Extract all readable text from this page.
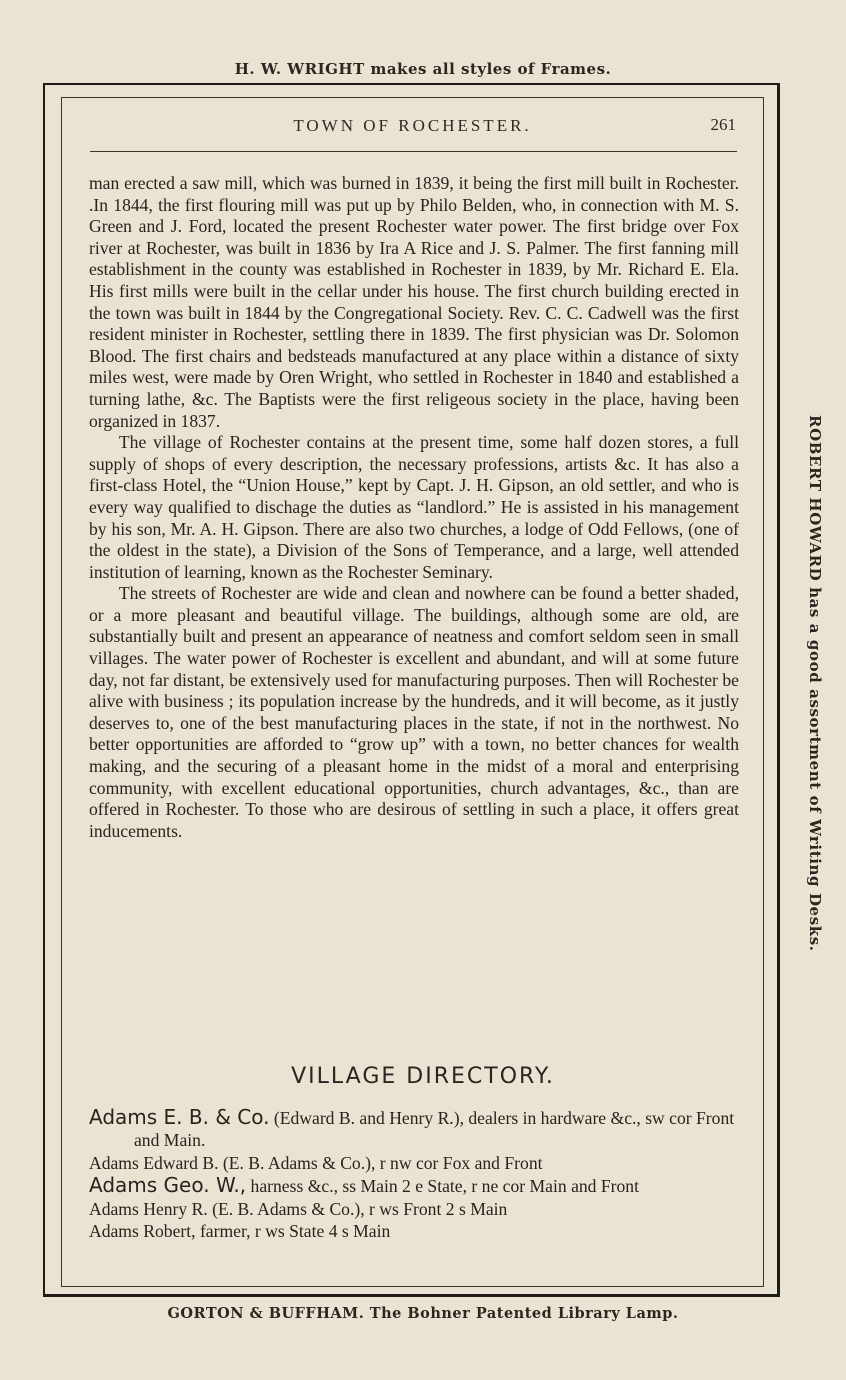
H. W. WRIGHT makes all styles of Frames.
TOWN OF ROCHESTER.	261

man erected a saw mill, which was burned in 1839, it being the first mill built in Rochester. .In 1844, the first flouring mill was put up by Philo Belden, who, in connection with M. S. Green and J. Ford, located the present Rochester water power. The first bridge over Fox river at Rochester, was built in 1836 by Ira A Rice and J. S. Palmer. The first fanning mill establishment in the county was established in Rochester in 1839, by Mr. Richard E. Ela. His first mills were built in the cellar under his house. The first church building erected in the town was built in 1844 by the Congregational Society. Rev. C. C. Cadwell was the first resident minister in Rochester, settling there in 1839. The first physician was Dr. Solomon Blood. The first chairs and bedsteads manufactured at any place within a distance of sixty miles west, were made by Oren Wright, who settled in Rochester in 1840 and established a turning lathe, &c. The Baptists were the first religeous society in the place, having been organized in 1837.

The village of Rochester contains at the present time, some half dozen stores, a full supply of shops of every description, the necessary professions, artists &c. It has also a first-class Hotel, the “Union House,” kept by Capt. J. H. Gipson, an old settler, and who is every way qualified to dischage the duties as “landlord.” He is assisted in his management by his son, Mr. A. H. Gipson. There are also two churches, a lodge of Odd Fellows, (one of the oldest in the state), a Division of the Sons of Temperance, and a large, well attended institution of learning, known as the Rochester Seminary.

The streets of Rochester are wide and clean and nowhere can be found a better shaded, or a more pleasant and beautiful village. The buildings, although some are old, are substantially built and present an appearance of neatness and comfort seldom seen in small villages. The water power of Rochester is excellent and abundant, and will at some future day, not far distant, be extensively used for manufacturing purposes. Then will Rochester be alive with business ; its population increase by the hundreds, and it will become, as it justly deserves to, one of the best manufacturing places in the state, if not in the northwest. No better opportunities are afforded to “grow up” with a town, no better chances for wealth making, and the securing of a pleasant home in the midst of a moral and enterprising community, with excellent educational opportunities, church advantages, &c., than are offered in Rochester. To those who are desirous of settling in such a place, it offers great inducements.

VILLAGE DIRECTORY.
Adams E. B. & Co. (Edward B. and Henry R.), dealers in hardware &c., sw cor Front and Main.
Adams Edward B. (E. B. Adams & Co.), r nw cor Fox and Front
Adams Geo. W., harness &c., ss Main 2 e State, r ne cor Main and Front
Adams Henry R. (E. B. Adams & Co.), r ws Front 2 s Main
Adams Robert, farmer, r ws State 4 s Main
ROBERT HOWARD has a good assortment of Writing Desks.
GORTON & BUFFHAM. The Bohner Patented Library Lamp.
